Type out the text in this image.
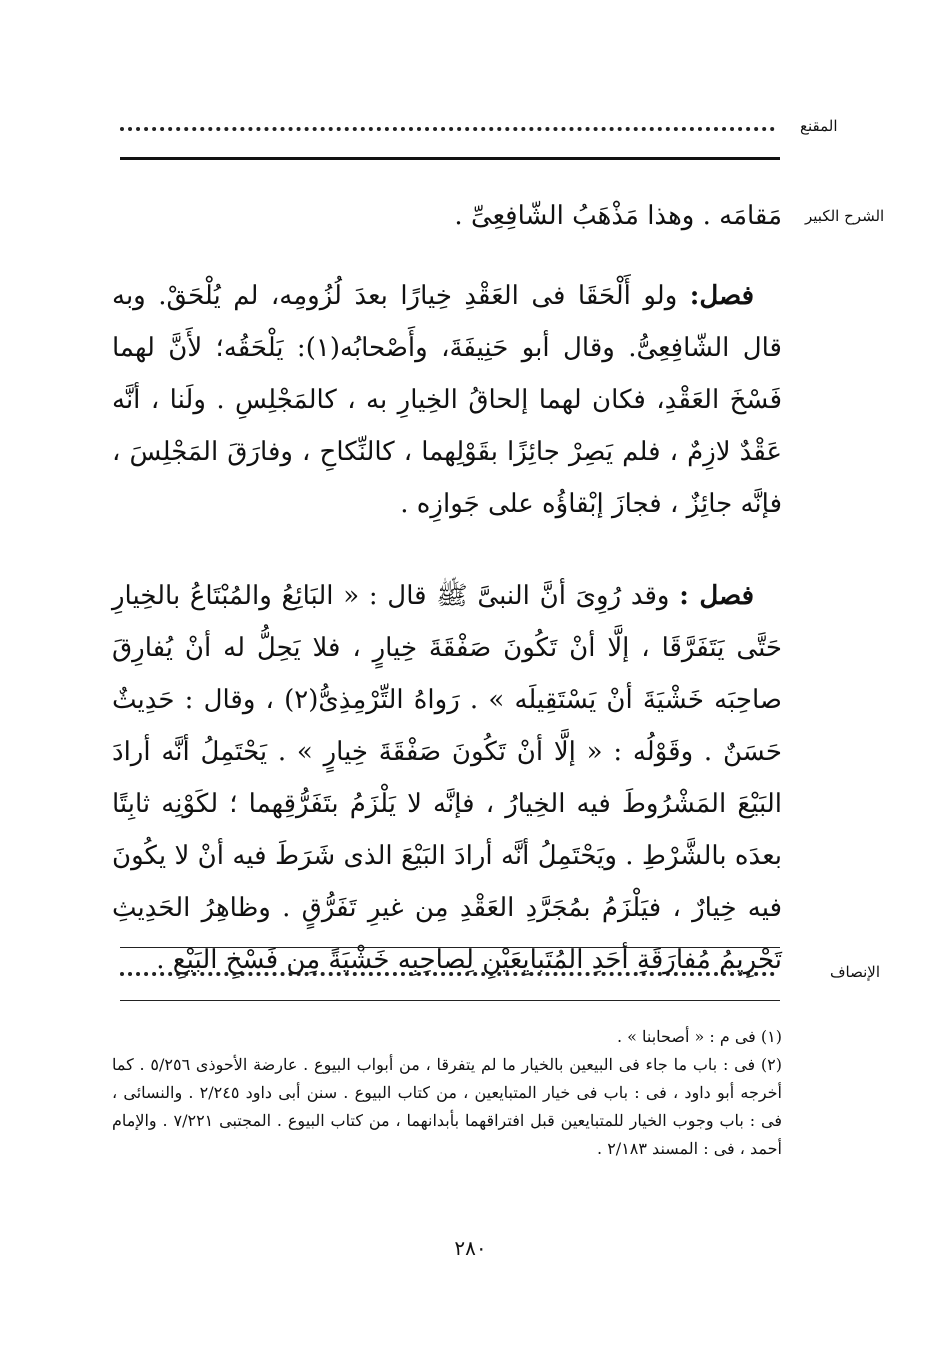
المقنع
الشرح الكبير
مَقامَه . وهذا مَذْهَبُ الشّافِعِىِّ .

فصل: ولو أَلْحَقَا فى العَقْدِ خِيارًا بعدَ لُزُومِه، لم يُلْحَقْ. وبه قال الشّافِعِىُّ. وقال أبو حَنِيفَةَ، وأَصْحابُه(١): يَلْحَقُه؛ لأَنَّ لهما فَسْخَ العَقْدِ، فكان لهما إلحاقُ الخِيارِ به ، كالمَجْلِسِ . ولَنا ، أنَّه عَقْدٌ لازِمٌ ، فلم يَصِرْ جائِزًا بقَوْلِهما ، كالنِّكاحِ ، وفارَقَ المَجْلِسَ ، فإنَّه جائِزٌ ، فجازَ إبْقاؤُه على جَوازِه .

فصل : وقد رُوِىَ أنَّ النبىَّ ﷺ قال : « البَائِعُ والمُبْتَاعُ بالخِيارِ حَتَّى يَتَفَرَّقَا ، إلَّا أنْ تَكُونَ صَفْقَةَ خِيارٍ ، فلا يَحِلُّ له أنْ يُفارِقَ صاحِبَه خَشْيَةَ أنْ يَسْتَقِيلَه » . رَواهُ التِّرْمِذِىُّ(٢) ، وقال : حَدِيثٌ حَسَنٌ . وقَوْلُه : « إلَّا أنْ تَكُونَ صَفْقَةَ خِيارٍ » . يَحْتَمِلُ أنَّه أرادَ البَيْعَ المَشْرُوطَ فيه الخِيارُ ، فإنَّه لا يَلْزَمُ بتَفَرُّقِهما ؛ لكَوْنِه ثابِتًا بعدَه بالشَّرْطِ . ويَحْتَمِلُ أنَّه أرادَ البَيْعَ الذى شَرَطَ فيه أنْ لا يكُونَ فيه خِيارٌ ، فيَلْزَمُ بمُجَرَّدِ العَقْدِ مِن غيرِ تَفَرُّقٍ . وظاهِرُ الحَدِيثِ تَحْرِيمُ مُفارَقَةِ أحَدِ المُتَبايِعَيْنِ لِصاحِبِه خَشْيَةً مِن فَسْخِ البَيْعِ .	الإنصاف

(١) فى م : « أصحابنا » .

(٢) فى : باب ما جاء فى البيعين بالخيار ما لم يتفرقا ، من أبواب البيوع . عارضة الأحوذى ٥/٢٥٦ . كما أخرجه أبو داود ، فى : باب فى خيار المتبايعين ، من كتاب البيوع . سنن أبى داود ٢/٢٤٥ . والنسائى ، فى : باب وجوب الخيار للمتبايعين قبل افتراقهما بأبدانهما ، من كتاب البيوع . المجتبى ٧/٢٢١ . والإمام أحمد ، فى : المسند ٢/١٨٣ .

٢٨٠
